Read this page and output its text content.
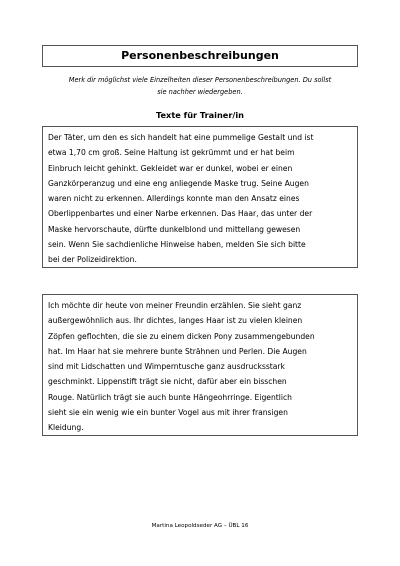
Personenbeschreibungen

Merk dir möglichst viele Einzelheiten dieser Personenbeschreibungen. Du sollst
sie nachher wiedergeben.

Texte für Trainer/in

Der Täter, um den es sich handelt hat eine pummelige Gestalt und ist
etwa 1,70 cm groß. Seine Haltung ist gekrümmt und er hat beim
Einbruch leicht gehinkt. Gekleidet war er dunkel, wobei er einen
Ganzkörperanzug und eine eng anliegende Maske trug. Seine Augen
waren nicht zu erkennen. Allerdings konnte man den Ansatz eines
Oberlippenbartes und einer Narbe erkennen. Das Haar, das unter der
Maske hervorschaute, dürfte dunkelblond und mittellang gewesen
sein. Wenn Sie sachdienliche Hinweise haben, melden Sie sich bitte
bei der Polizeidirektion.

Ich möchte dir heute von meiner Freundin erzählen. Sie sieht ganz
außergewöhnlich aus. Ihr dichtes, langes Haar ist zu vielen kleinen
Zöpfen geflochten, die sie zu einem dicken Pony zusammengebunden
hat. Im Haar hat sie mehrere bunte Strähnen und Perlen. Die Augen
sind mit Lidschatten und Wimperntusche ganz ausdrucksstark
geschminkt. Lippenstift trägt sie nicht, dafür aber ein bisschen
Rouge. Natürlich trägt sie auch bunte Hängeohrringe. Eigentlich
sieht sie ein wenig wie ein bunter Vogel aus mit ihrer fransigen
Kleidung.

Martina Leopoldseder AG – ÜBL 16
